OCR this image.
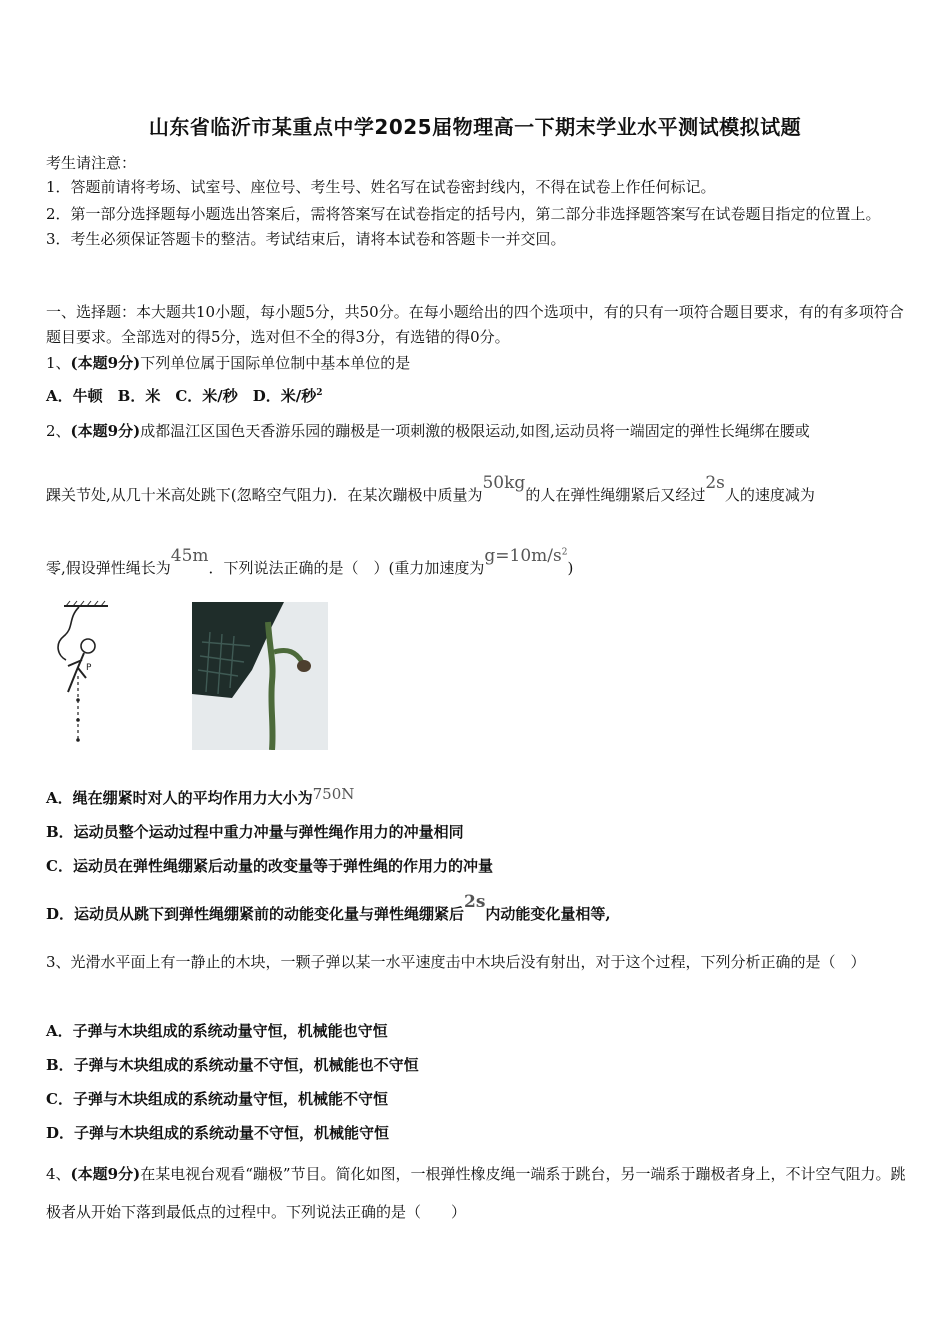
山东省临沂市某重点中学2025届物理高一下期末学业水平测试模拟试题
考生请注意：
1．答题前请将考场、试室号、座位号、考生号、姓名写在试卷密封线内，不得在试卷上作任何标记。
2．第一部分选择题每小题选出答案后，需将答案写在试卷指定的括号内，第二部分非选择题答案写在试卷题目指定的位置上。
3．考生必须保证答题卡的整洁。考试结束后，请将本试卷和答题卡一并交回。
一、选择题：本大题共10小题，每小题5分，共50分。在每小题给出的四个选项中，有的只有一项符合题目要求，有的有多项符合题目要求。全部选对的得5分，选对但不全的得3分，有选错的得0分。
1、(本题9分)下列单位属于国际单位制中基本单位的是
A．牛顿　B．米　C．米/秒　D．米/秒$^2$
2、(本题9分)成都温江区国色天香游乐园的蹦极是一项刺激的极限运动,如图,运动员将一端固定的弹性长绳绑在腰或
踝关节处,从几十米高处跳下(忽略空气阻力)．在某次蹦极中质量为50kg的人在弹性绳绷紧后又经过2s人的速度减为
零,假设弹性绳长为45m．下列说法正确的是（　）(重力加速度为$g=10m/s^2$)
P
A．绳在绷紧时对人的平均作用力大小为750N
B．运动员整个运动过程中重力冲量与弹性绳作用力的冲量相同
C．运动员在弹性绳绷紧后动量的改变量等于弹性绳的作用力的冲量
D．运动员从跳下到弹性绳绷紧前的动能变化量与弹性绳绷紧后2s内动能变化量相等,
3、光滑水平面上有一静止的木块，一颗子弹以某一水平速度击中木块后没有射出，对于这个过程，下列分析正确的是（　）
A．子弹与木块组成的系统动量守恒，机械能也守恒
B．子弹与木块组成的系统动量不守恒，机械能也不守恒
C．子弹与木块组成的系统动量守恒，机械能不守恒
D．子弹与木块组成的系统动量不守恒，机械能守恒
4、(本题9分)在某电视台观看“蹦极”节目。简化如图，一根弹性橡皮绳一端系于跳台，另一端系于蹦极者身上，不计空气阻力。跳极者从开始下落到最低点的过程中。下列说法正确的是（　　）
